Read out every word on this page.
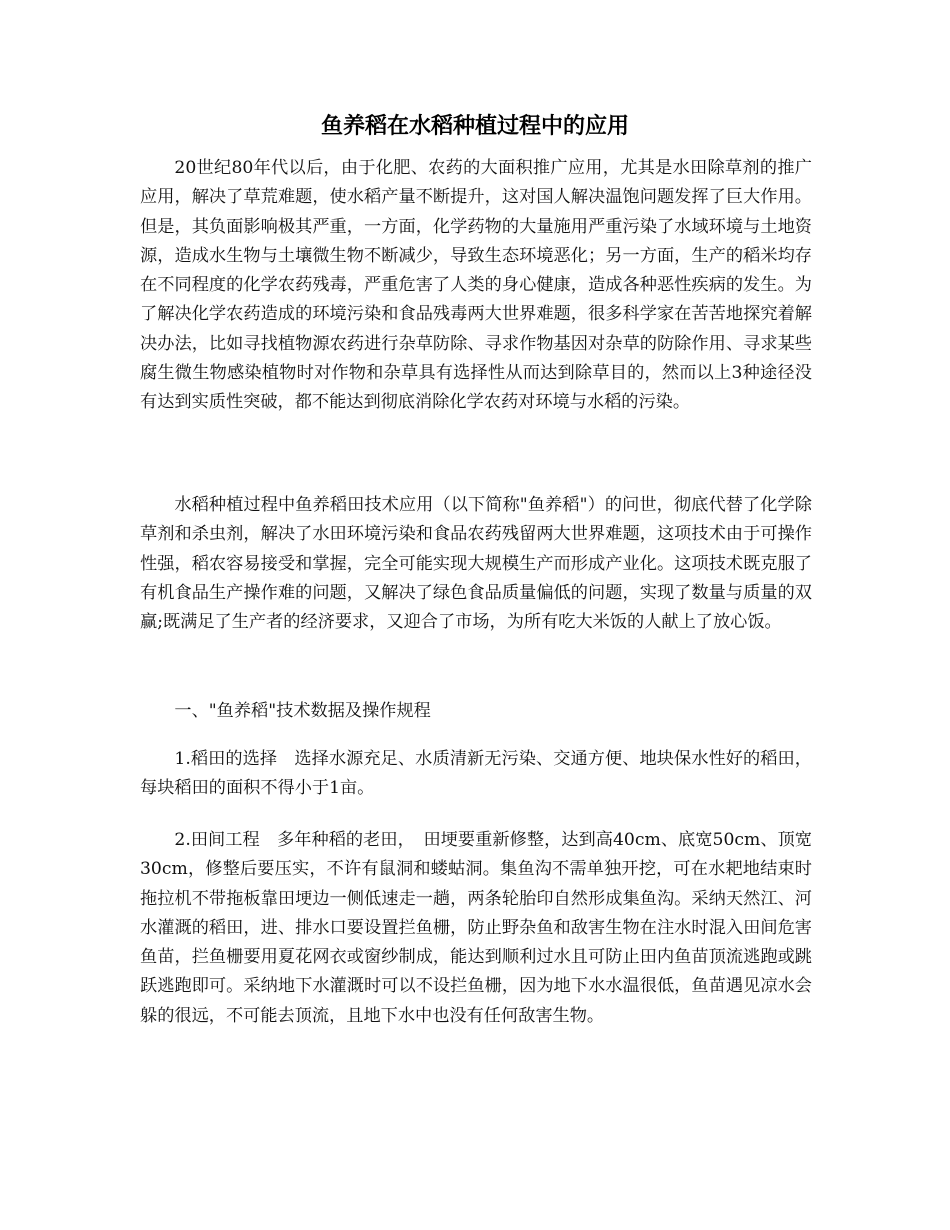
鱼养稻在水稻种植过程中的应用

20世纪80年代以后，由于化肥、农药的大面积推广应用，尤其是水田除草剂的推广应用，解决了草荒难题，使水稻产量不断提升，这对国人解决温饱问题发挥了巨大作用。但是，其负面影响极其严重，一方面，化学药物的大量施用严重污染了水域环境与土地资源，造成水生物与土壤微生物不断减少，导致生态环境恶化；另一方面，生产的稻米均存在不同程度的化学农药残毒，严重危害了人类的身心健康，造成各种恶性疾病的发生。为了解决化学农药造成的环境污染和食品残毒两大世界难题，很多科学家在苦苦地探究着解决办法，比如寻找植物源农药进行杂草防除、寻求作物基因对杂草的防除作用、寻求某些腐生微生物感染植物时对作物和杂草具有选择性从而达到除草目的，然而以上3种途径没有达到实质性突破，都不能达到彻底消除化学农药对环境与水稻的污染。

水稻种植过程中鱼养稻田技术应用（以下简称"鱼养稻"）的问世，彻底代替了化学除草剂和杀虫剂，解决了水田环境污染和食品农药残留两大世界难题，这项技术由于可操作性强，稻农容易接受和掌握，完全可能实现大规模生产而形成产业化。这项技术既克服了有机食品生产操作难的问题，又解决了绿色食品质量偏低的问题，实现了数量与质量的双赢;既满足了生产者的经济要求，又迎合了市场，为所有吃大米饭的人献上了放心饭。

一、"鱼养稻"技术数据及操作规程

1.稻田的选择　选择水源充足、水质清新无污染、交通方便、地块保水性好的稻田，每块稻田的面积不得小于1亩。

2.田间工程　多年种稻的老田，　田埂要重新修整，达到高40cm、底宽50cm、顶宽30cm，修整后要压实，不许有鼠洞和蝼蛄洞。集鱼沟不需单独开挖，可在水耙地结束时拖拉机不带拖板靠田埂边一侧低速走一趟，两条轮胎印自然形成集鱼沟。采纳天然江、河水灌溉的稻田，进、排水口要设置拦鱼栅，防止野杂鱼和敌害生物在注水时混入田间危害鱼苗，拦鱼栅要用夏花网衣或窗纱制成，能达到顺利过水且可防止田内鱼苗顶流逃跑或跳跃逃跑即可。采纳地下水灌溉时可以不设拦鱼栅，因为地下水水温很低，鱼苗遇见凉水会躲的很远，不可能去顶流，且地下水中也没有任何敌害生物。
